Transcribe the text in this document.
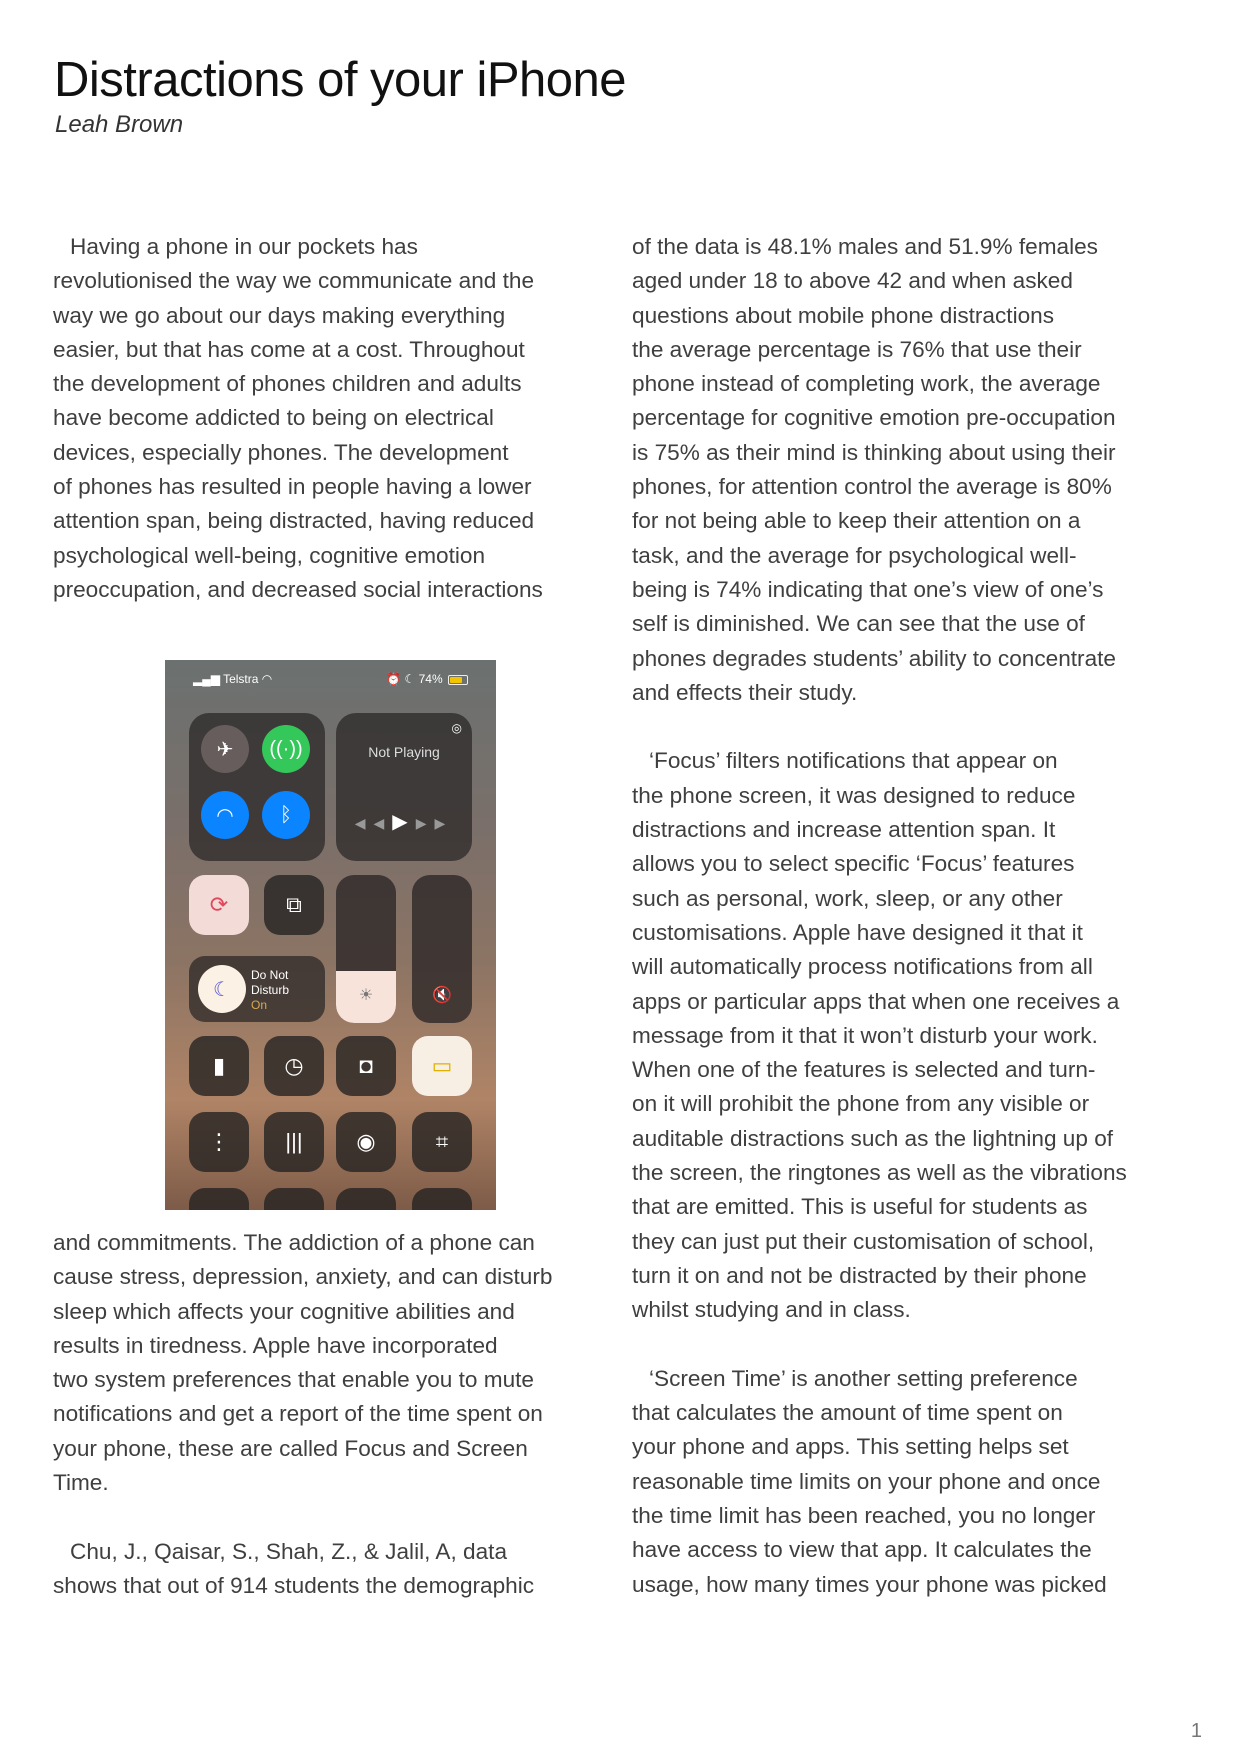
Distractions of your iPhone
Leah Brown

Having a phone in our pockets has
revolutionised the way we communicate and the
way we go about our days making everything
easier, but that has come at a cost. Throughout
the development of phones children and adults
have become addicted to being on electrical
devices, especially phones. The development
of phones has resulted in people having a lower
attention span, being distracted, having reduced
psychological well-being, cognitive emotion
preoccupation, and decreased social interactions

▂▄▆ Telstra ◠	⏰ ☾ 74%
✈	((·))
◠	ᛒ
◎
Not Playing
◀◀▶▶▶
⟳	⧉
☀	🔇
☾
Do Not
Disturb
On
▮	◷	◘	▭
⋮	|||	◉	⌗

and commitments. The addiction of a phone can
cause stress, depression, anxiety, and can disturb
sleep which affects your cognitive abilities and
results in tiredness. Apple have incorporated
two system preferences that enable you to mute
notifications and get a report of the time spent on
your phone, these are called Focus and Screen
Time.

Chu, J., Qaisar, S., Shah, Z., & Jalil, A, data
shows that out of 914 students the demographic

of the data is 48.1% males and 51.9% females
aged under 18 to above 42 and when asked
questions about mobile phone distractions
the average percentage is 76% that use their
phone instead of completing work, the average
percentage for cognitive emotion pre-occupation
is 75% as their mind is thinking about using their
phones, for attention control the average is 80%
for not being able to keep their attention on a
task, and the average for psychological well-
being is 74% indicating that one’s view of one’s
self is diminished. We can see that the use of
phones degrades students’ ability to concentrate
and effects their study.

‘Focus’ filters notifications that appear on
the phone screen, it was designed to reduce
distractions and increase attention span. It
allows you to select specific ‘Focus’ features
such as personal, work, sleep, or any other
customisations. Apple have designed it that it
will automatically process notifications from all
apps or particular apps that when one receives a
message from it that it won’t disturb your work.
When one of the features is selected and turn-
on it will prohibit the phone from any visible or
auditable distractions such as the lightning up of
the screen, the ringtones as well as the vibrations
that are emitted. This is useful for students as
they can just put their customisation of school,
turn it on and not be distracted by their phone
whilst studying and in class.

‘Screen Time’ is another setting preference
that calculates the amount of time spent on
your phone and apps. This setting helps set
reasonable time limits on your phone and once
the time limit has been reached, you no longer
have access to view that app. It calculates the
usage, how many times your phone was picked

1
